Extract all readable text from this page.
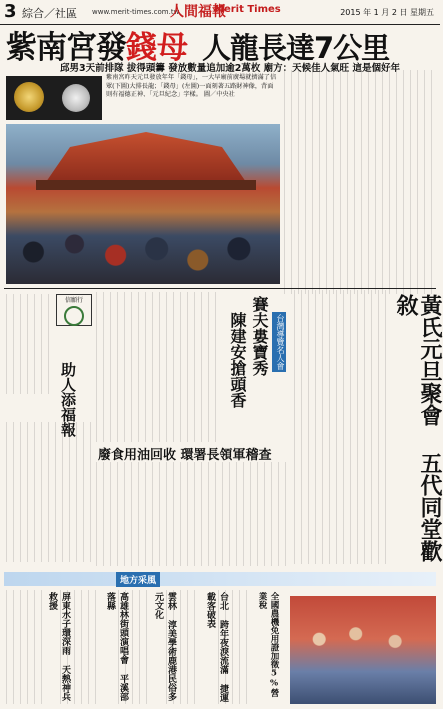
3 綜合／社區 www.merit-times.com.tw
人間福報
Merit Times	2015 年 1 月 2 日 星期五
紫南宮發錢母 人龍長達7公里
邱男3天前排隊 拔得頭籌 發放數量追加逾2萬枚 廟方：天候佳人氣旺 這是個好年
紫南宮昨天元旦發放年年「錢母」，一大早廟前廣場就擠滿了信眾(下圖)大排長龍；「錢母」(左圖)一面刻著五路財神像，背面則有福德正神、「元旦紀念」字樣。 圖／中央社
信願行
助人添福報
台灣導覽名人會
賽夫婁寶秀
陳建安搶頭香
廢食用油回收 環署長領軍稽查	黃氏元旦聚會 五代同堂歡敘
地方采風
屏東水子環深雨 天熱神兵救援	高雄林街頭演唱會 平溪部落縣	雲林 淳美學術鹿港民俗多元文化	台北 跨年夜淚流滿 捷運載客破表	全國農機免用證加徵5%營業稅
